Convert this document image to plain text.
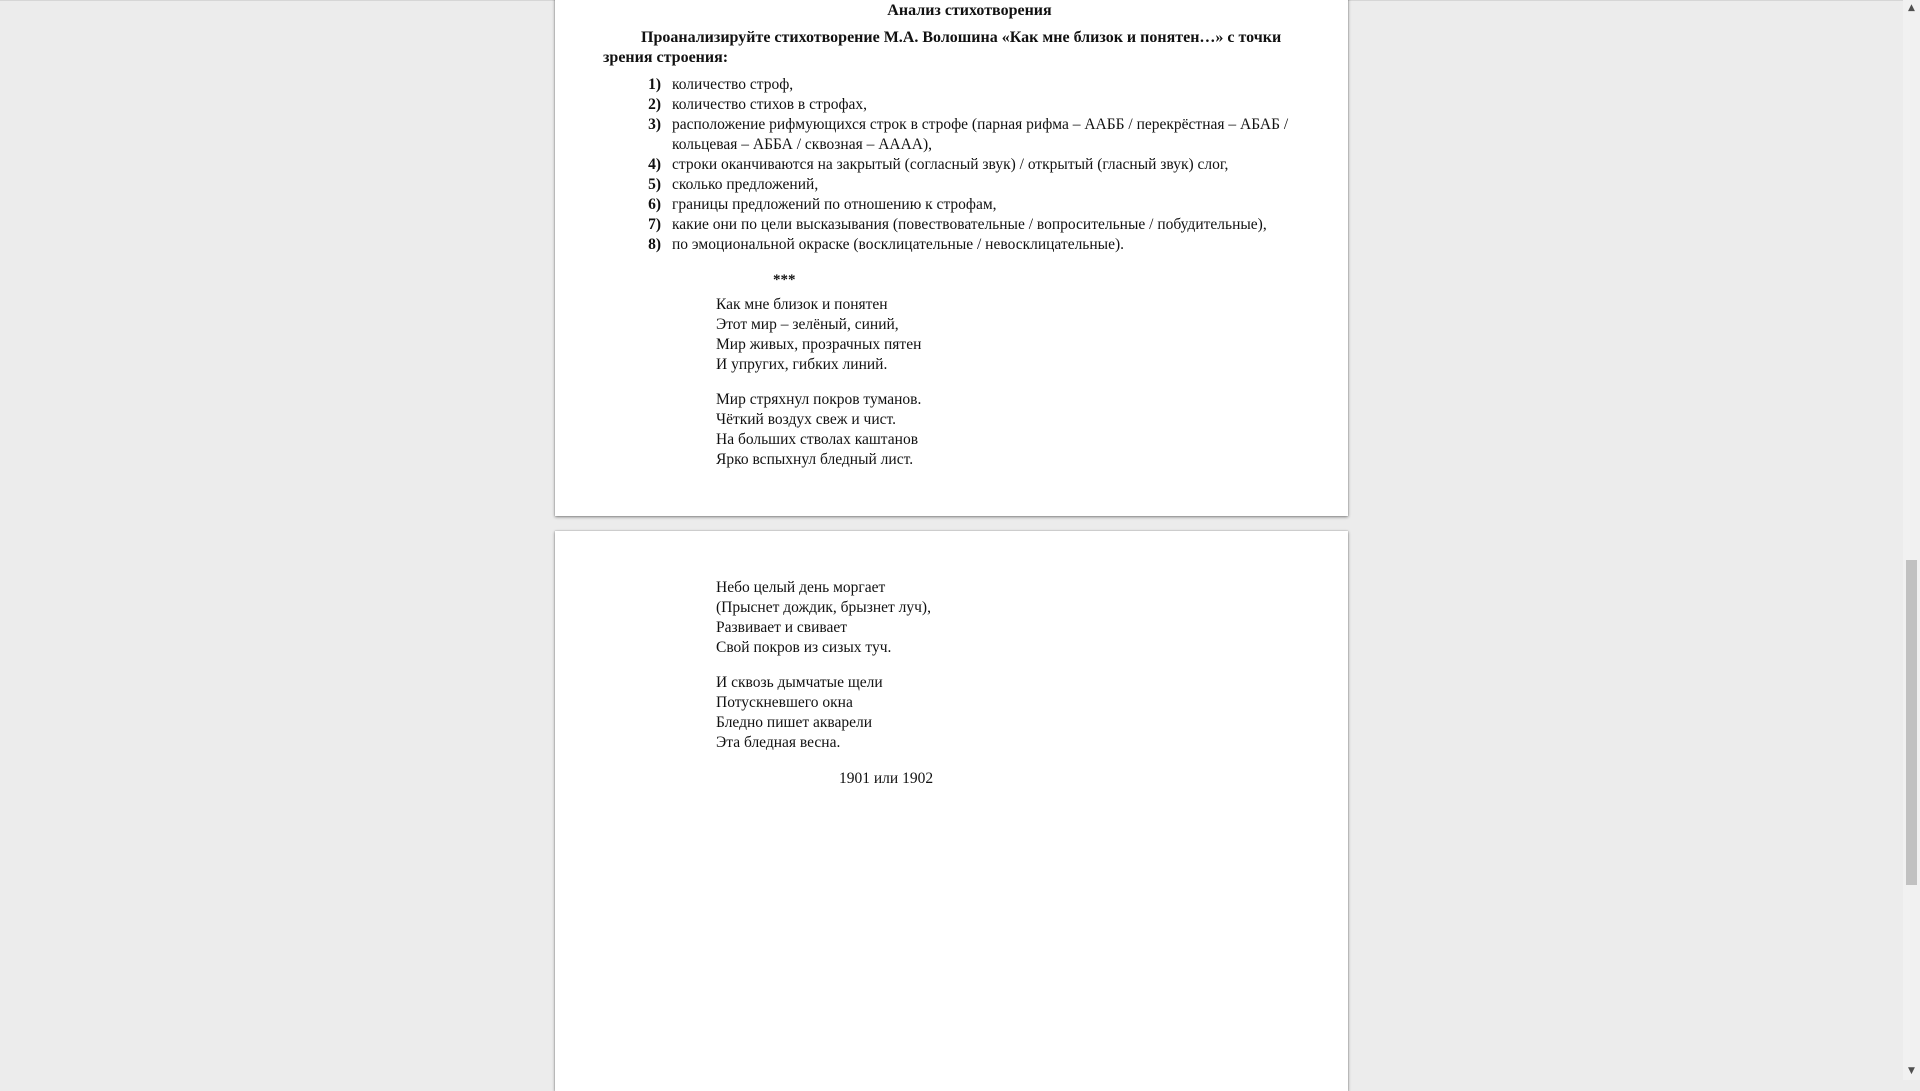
Анализ стихотворения
Проанализируйте стихотворение М.А. Волошина «Как мне близок и понятен…» с точки зрения строения:
1) количество строф,
2) количество стихов в строфах,
3) расположение рифмующихся строк в строфе (парная рифма – ААББ / перекрёстная – АБАБ / кольцевая – АББА / сквозная – АААА),
4) строки оканчиваются на закрытый (согласный звук) / открытый (гласный звук) слог,
5) сколько предложений,
6) границы предложений по отношению к строфам,
7) какие они по цели высказывания (повествовательные / вопросительные / побудительные),
8) по эмоциональной окраске (восклицательные / невосклицательные).
***
Как мне близок и понятен
Этот мир – зелёный, синий,
Мир живых, прозрачных пятен
И упругих, гибких линий.
Мир стряхнул покров туманов.
Чёткий воздух свеж и чист.
На больших стволах каштанов
Ярко вспыхнул бледный лист.
Небо целый день моргает
(Прыснет дождик, брызнет луч),
Развивает и свивает
Свой покров из сизых туч.
И сквозь дымчатые щели
Потускневшего окна
Бледно пишет акварели
Эта бледная весна.
1901 или 1902
▲
▼
